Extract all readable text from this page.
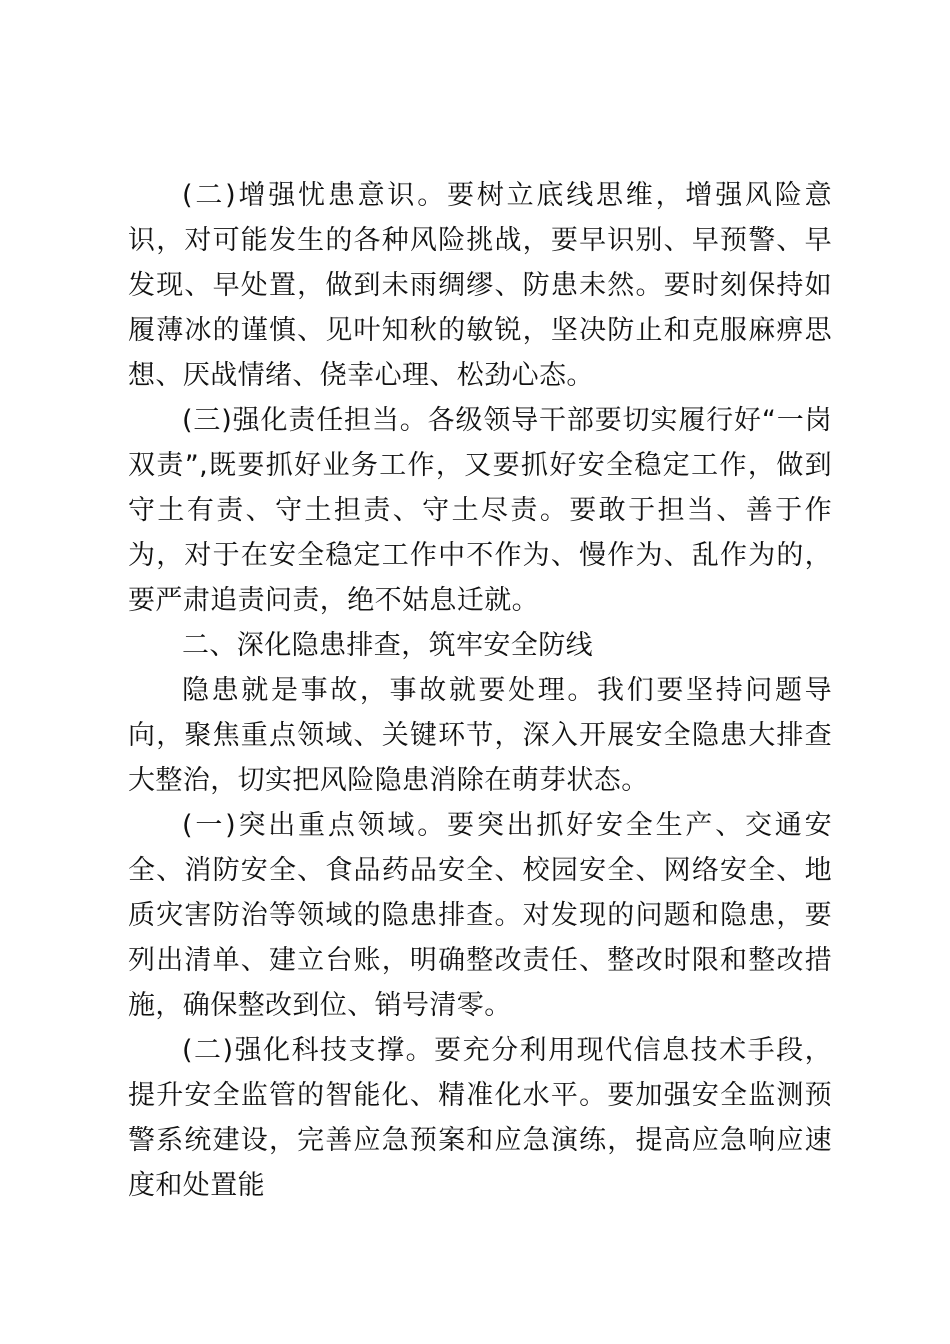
(二)增强忧患意识。要树立底线思维，增强风险意识，对可能发生的各种风险挑战，要早识别、早预警、早发现、早处置，做到未雨绸缪、防患未然。要时刻保持如履薄冰的谨慎、见叶知秋的敏锐，坚决防止和克服麻痹思想、厌战情绪、侥幸心理、松劲心态。

(三)强化责任担当。各级领导干部要切实履行好“一岗双责”,既要抓好业务工作，又要抓好安全稳定工作，做到守土有责、守土担责、守土尽责。要敢于担当、善于作为，对于在安全稳定工作中不作为、慢作为、乱作为的，要严肃追责问责，绝不姑息迁就。

二、深化隐患排查，筑牢安全防线

隐患就是事故，事故就要处理。我们要坚持问题导向，聚焦重点领域、关键环节，深入开展安全隐患大排查大整治，切实把风险隐患消除在萌芽状态。

(一)突出重点领域。要突出抓好安全生产、交通安全、消防安全、食品药品安全、校园安全、网络安全、地质灾害防治等领域的隐患排查。对发现的问题和隐患，要列出清单、建立台账，明确整改责任、整改时限和整改措施，确保整改到位、销号清零。

(二)强化科技支撑。要充分利用现代信息技术手段，提升安全监管的智能化、精准化水平。要加强安全监测预警系统建设，完善应急预案和应急演练，提高应急响应速度和处置能
